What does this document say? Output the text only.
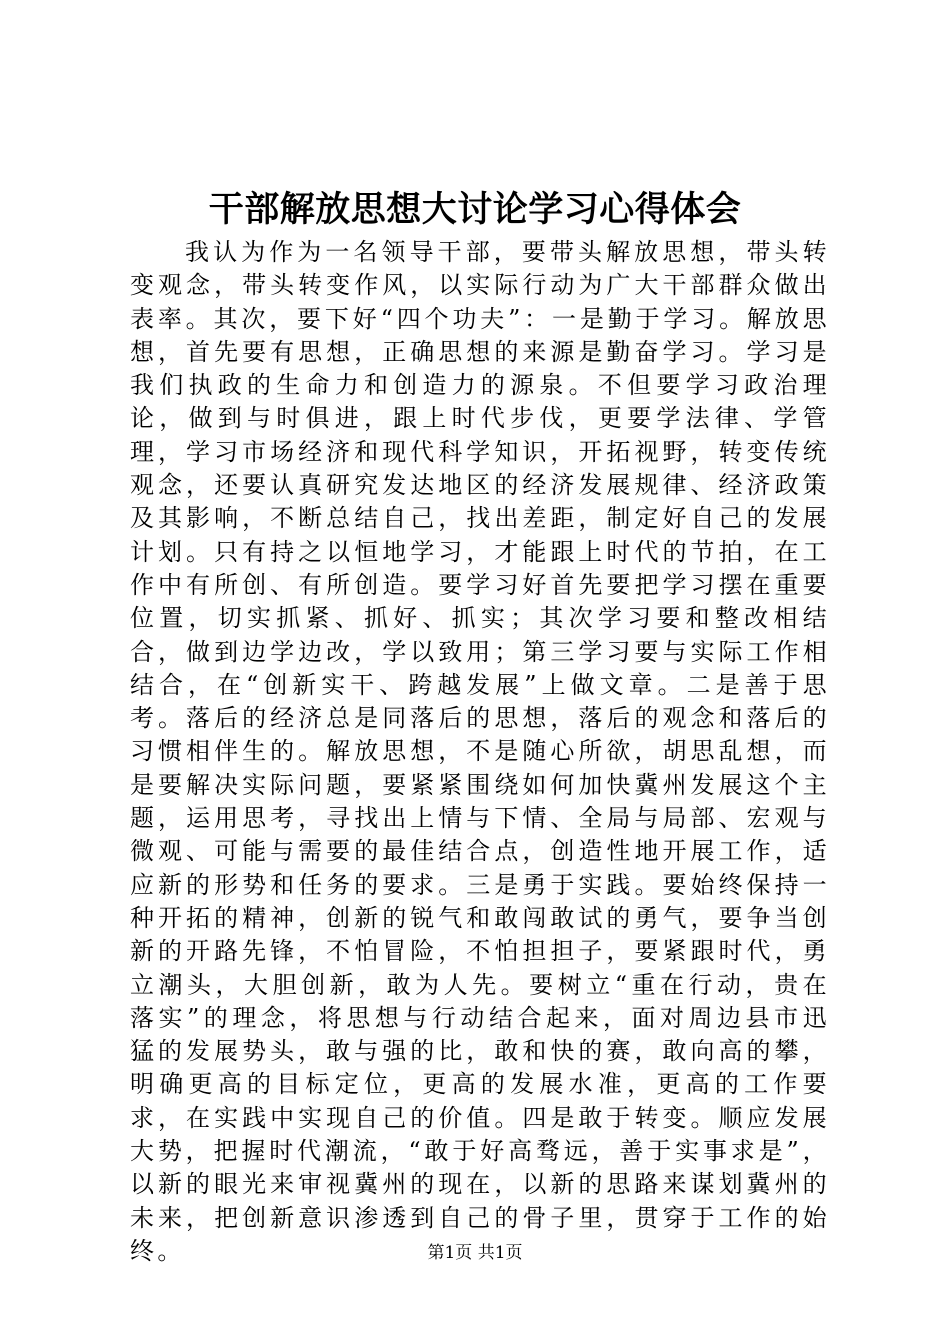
干部解放思想大讨论学习心得体会

我认为作为一名领导干部，要带头解放思想，带头转变观念，带头转变作风，以实际行动为广大干部群众做出表率。其次，要下好“四个功夫”：一是勤于学习。解放思想，首先要有思想，正确思想的来源是勤奋学习。学习是我们执政的生命力和创造力的源泉。不但要学习政治理论，做到与时俱进，跟上时代步伐，更要学法律、学管理，学习市场经济和现代科学知识，开拓视野，转变传统观念，还要认真研究发达地区的经济发展规律、经济政策及其影响，不断总结自己，找出差距，制定好自己的发展计划。只有持之以恒地学习，才能跟上时代的节拍，在工作中有所创、有所创造。要学习好首先要把学习摆在重要位置，切实抓紧、抓好、抓实；其次学习要和整改相结合，做到边学边改，学以致用；第三学习要与实际工作相结合，在“创新实干、跨越发展”上做文章。二是善于思考。落后的经济总是同落后的思想，落后的观念和落后的习惯相伴生的。解放思想，不是随心所欲，胡思乱想，而是要解决实际问题，要紧紧围绕如何加快冀州发展这个主题，运用思考，寻找出上情与下情、全局与局部、宏观与微观、可能与需要的最佳结合点，创造性地开展工作，适应新的形势和任务的要求。三是勇于实践。要始终保持一种开拓的精神，创新的锐气和敢闯敢试的勇气，要争当创新的开路先锋，不怕冒险，不怕担担子，要紧跟时代，勇立潮头，大胆创新，敢为人先。要树立“重在行动，贵在落实”的理念，将思想与行动结合起来，面对周边县市迅猛的发展势头，敢与强的比，敢和快的赛，敢向高的攀，明确更高的目标定位，更高的发展水准，更高的工作要求，在实践中实现自己的价值。四是敢于转变。顺应发展大势，把握时代潮流，“敢于好高骛远，善于实事求是”，以新的眼光来审视冀州的现在，以新的思路来谋划冀州的未来，把创新意识渗透到自己的骨子里，贯穿于工作的始终。	第1页 共1页
